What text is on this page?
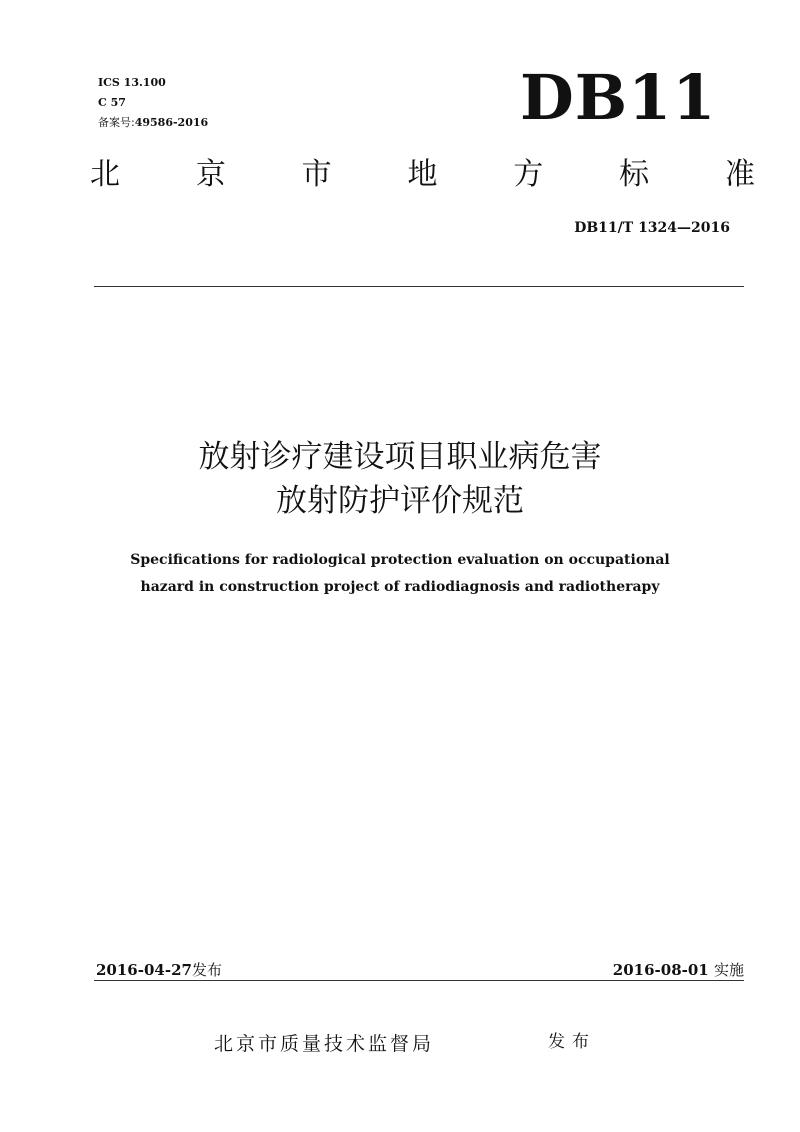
ICS 13.100
C 57
备案号:49586-2016	DB11
北	京	市	地	方	标	准
DB11/T 1324—2016
放射诊疗建设项目职业病危害
放射防护评价规范
Specifications for radiological protection evaluation on occupational
hazard in construction project of radiodiagnosis and radiotherapy
2016-04-27发布	2016-08-01 实施
北京市质量技术监督局	发布
